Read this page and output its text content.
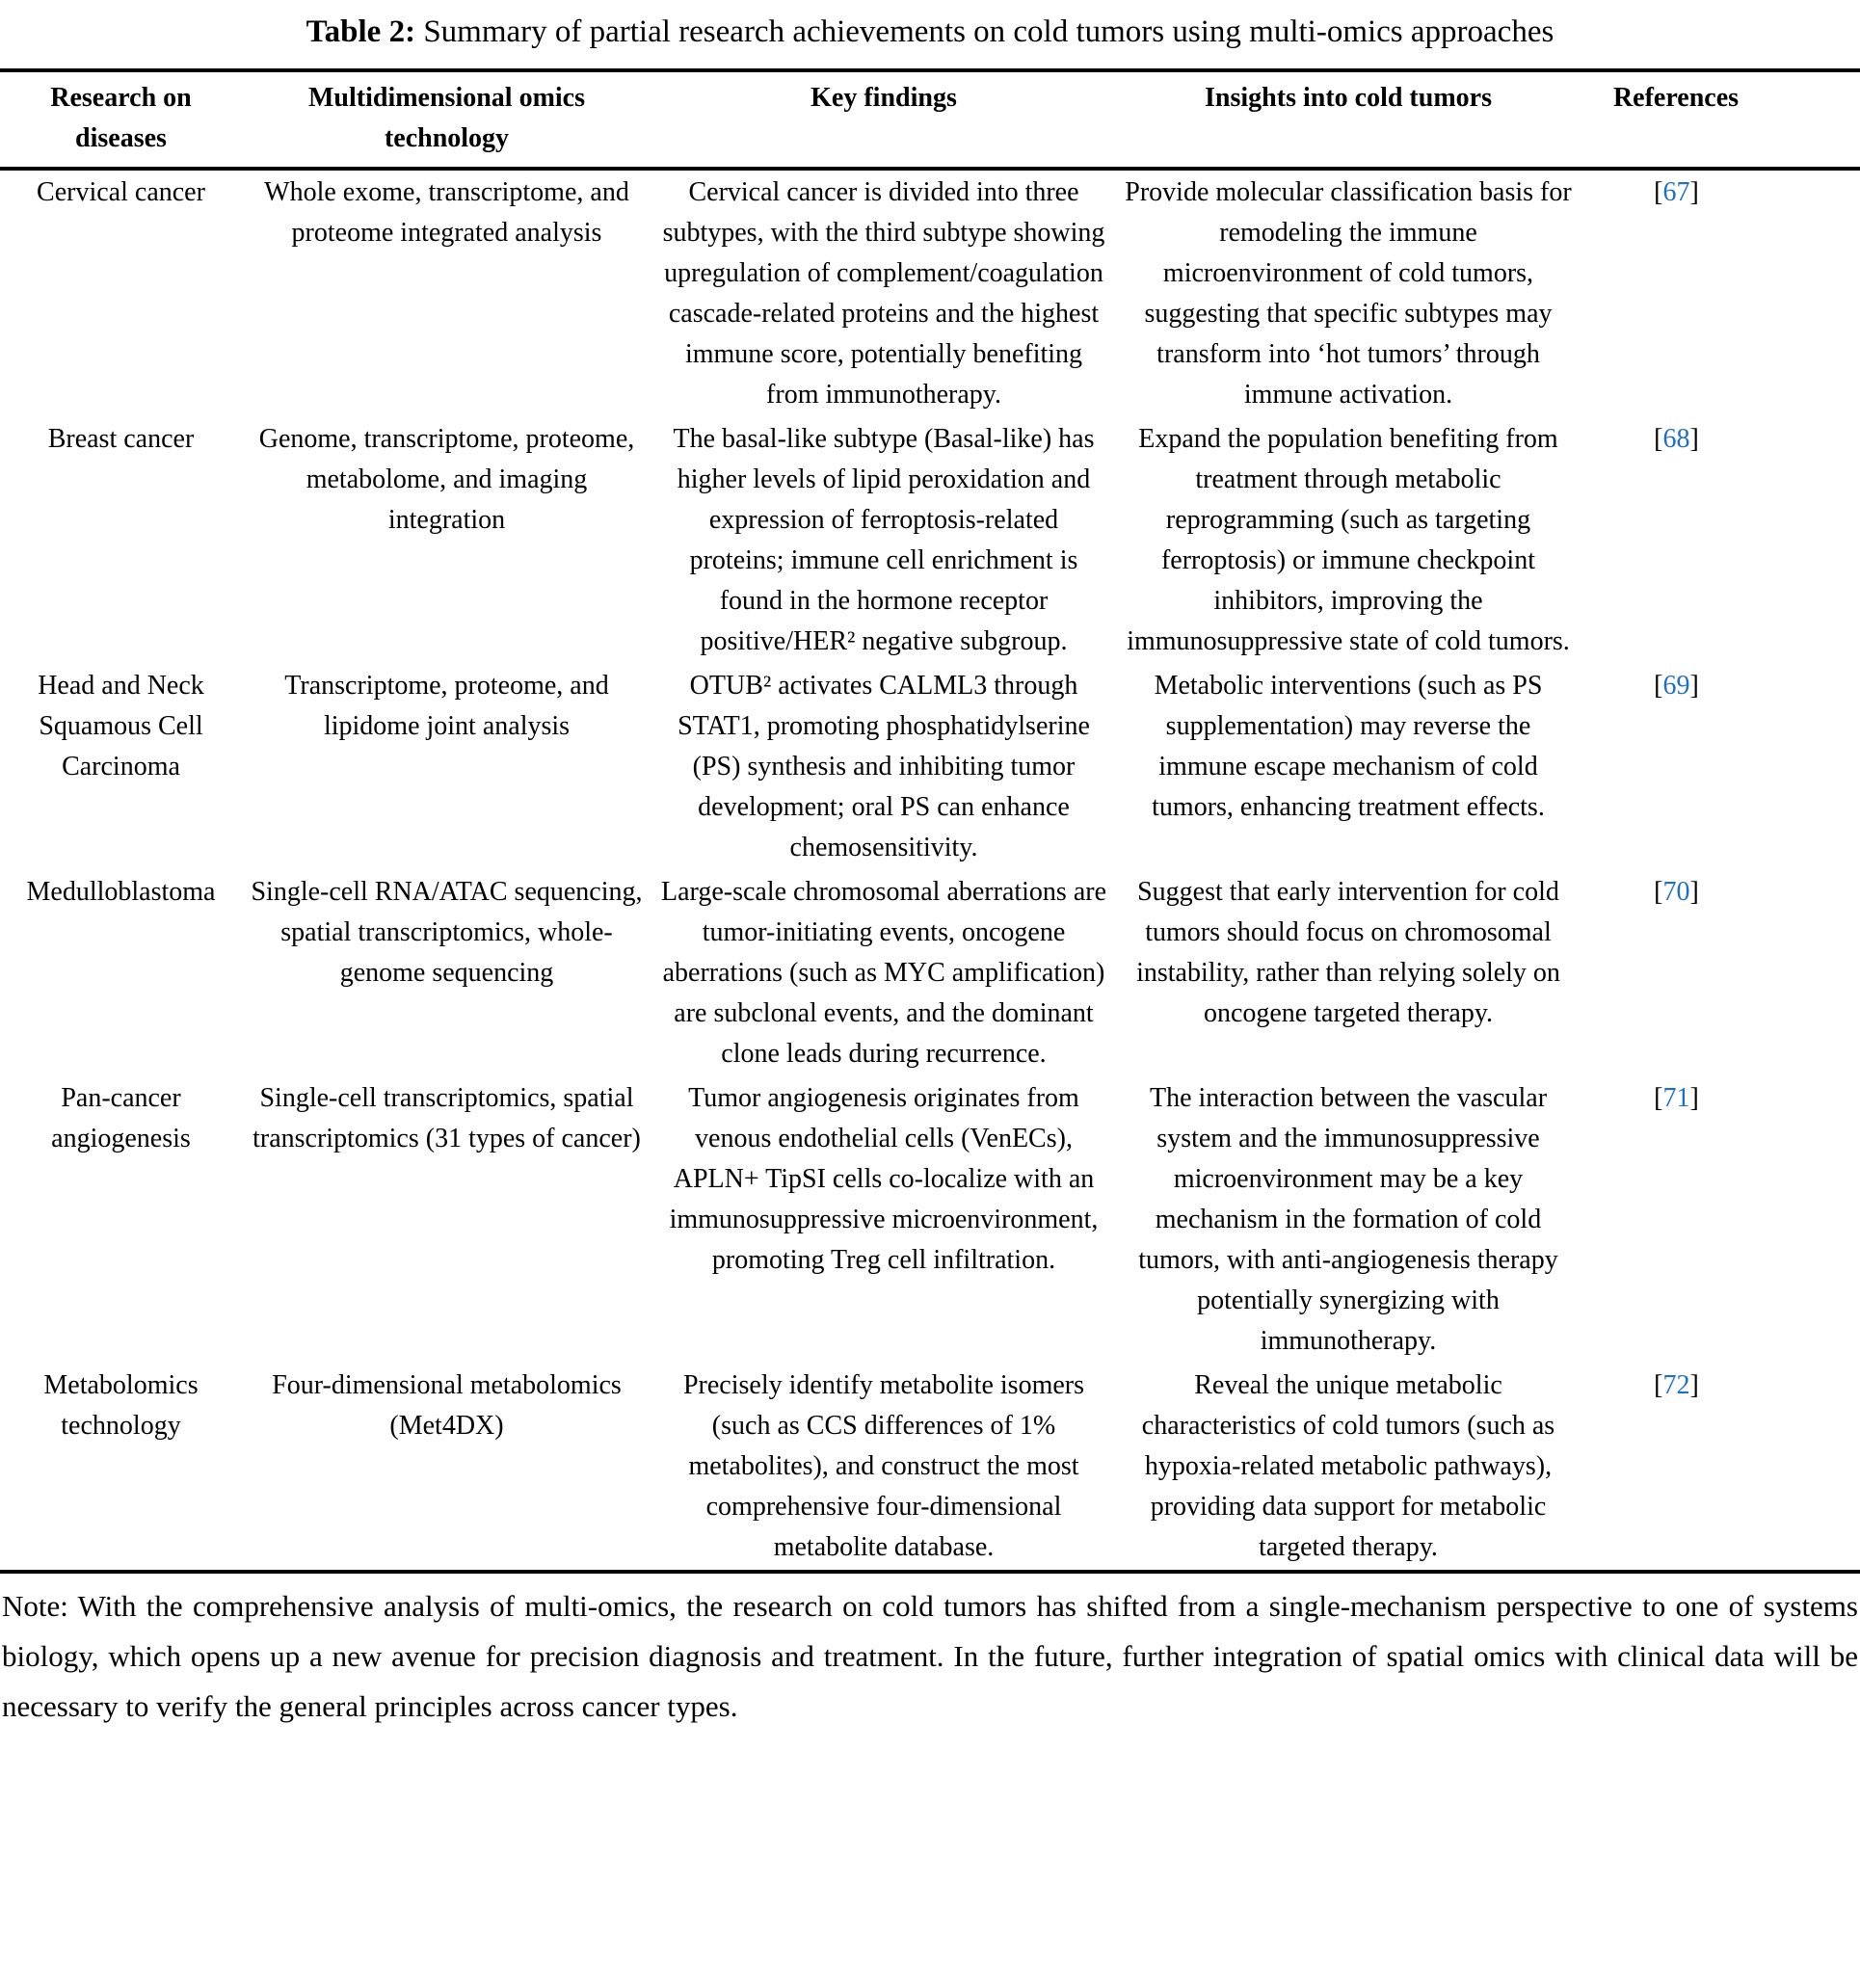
Table 2: Summary of partial research achievements on cold tumors using multi-omics approaches
Research on diseases	Multidimensional omics technology	Key findings	Insights into cold tumors	References
Cervical cancer	Whole exome, transcriptome, and proteome integrated analysis	Cervical cancer is divided into three subtypes, with the third subtype showing upregulation of complement/coagulation cascade-related proteins and the highest immune score, potentially benefiting from immunotherapy.	Provide molecular classification basis for remodeling the immune microenvironment of cold tumors, suggesting that specific subtypes may transform into ‘hot tumors’ through immune activation.	[67]
Breast cancer	Genome, transcriptome, proteome, metabolome, and imaging integration	The basal-like subtype (Basal-like) has higher levels of lipid peroxidation and expression of ferroptosis-related proteins; immune cell enrichment is found in the hormone receptor positive/HER² negative subgroup.	Expand the population benefiting from treatment through metabolic reprogramming (such as targeting ferroptosis) or immune checkpoint inhibitors, improving the immunosuppressive state of cold tumors.	[68]
Head and Neck Squamous Cell Carcinoma	Transcriptome, proteome, and lipidome joint analysis	OTUB² activates CALML3 through STAT1, promoting phosphatidylserine (PS) synthesis and inhibiting tumor development; oral PS can enhance chemosensitivity.	Metabolic interventions (such as PS supplementation) may reverse the immune escape mechanism of cold tumors, enhancing treatment effects.	[69]
Medulloblastoma	Single-cell RNA/ATAC sequencing, spatial transcriptomics, whole-genome sequencing	Large-scale chromosomal aberrations are tumor-initiating events, oncogene aberrations (such as MYC amplification) are subclonal events, and the dominant clone leads during recurrence.	Suggest that early intervention for cold tumors should focus on chromosomal instability, rather than relying solely on oncogene targeted therapy.	[70]
Pan-cancer angiogenesis	Single-cell transcriptomics, spatial transcriptomics (31 types of cancer)	Tumor angiogenesis originates from venous endothelial cells (VenECs), APLN+ TipSI cells co-localize with an immunosuppressive microenvironment, promoting Treg cell infiltration.	The interaction between the vascular system and the immunosuppressive microenvironment may be a key mechanism in the formation of cold tumors, with anti-angiogenesis therapy potentially synergizing with immunotherapy.	[71]
Metabolomics technology	Four-dimensional metabolomics (Met4DX)	Precisely identify metabolite isomers (such as CCS differences of 1% metabolites), and construct the most comprehensive four-dimensional metabolite database.	Reveal the unique metabolic characteristics of cold tumors (such as hypoxia-related metabolic pathways), providing data support for metabolic targeted therapy.	[72]
Note: With the comprehensive analysis of multi-omics, the research on cold tumors has shifted from a single-mechanism perspective to one of systems biology, which opens up a new avenue for precision diagnosis and treatment. In the future, further integration of spatial omics with clinical data will be necessary to verify the general principles across cancer types.
